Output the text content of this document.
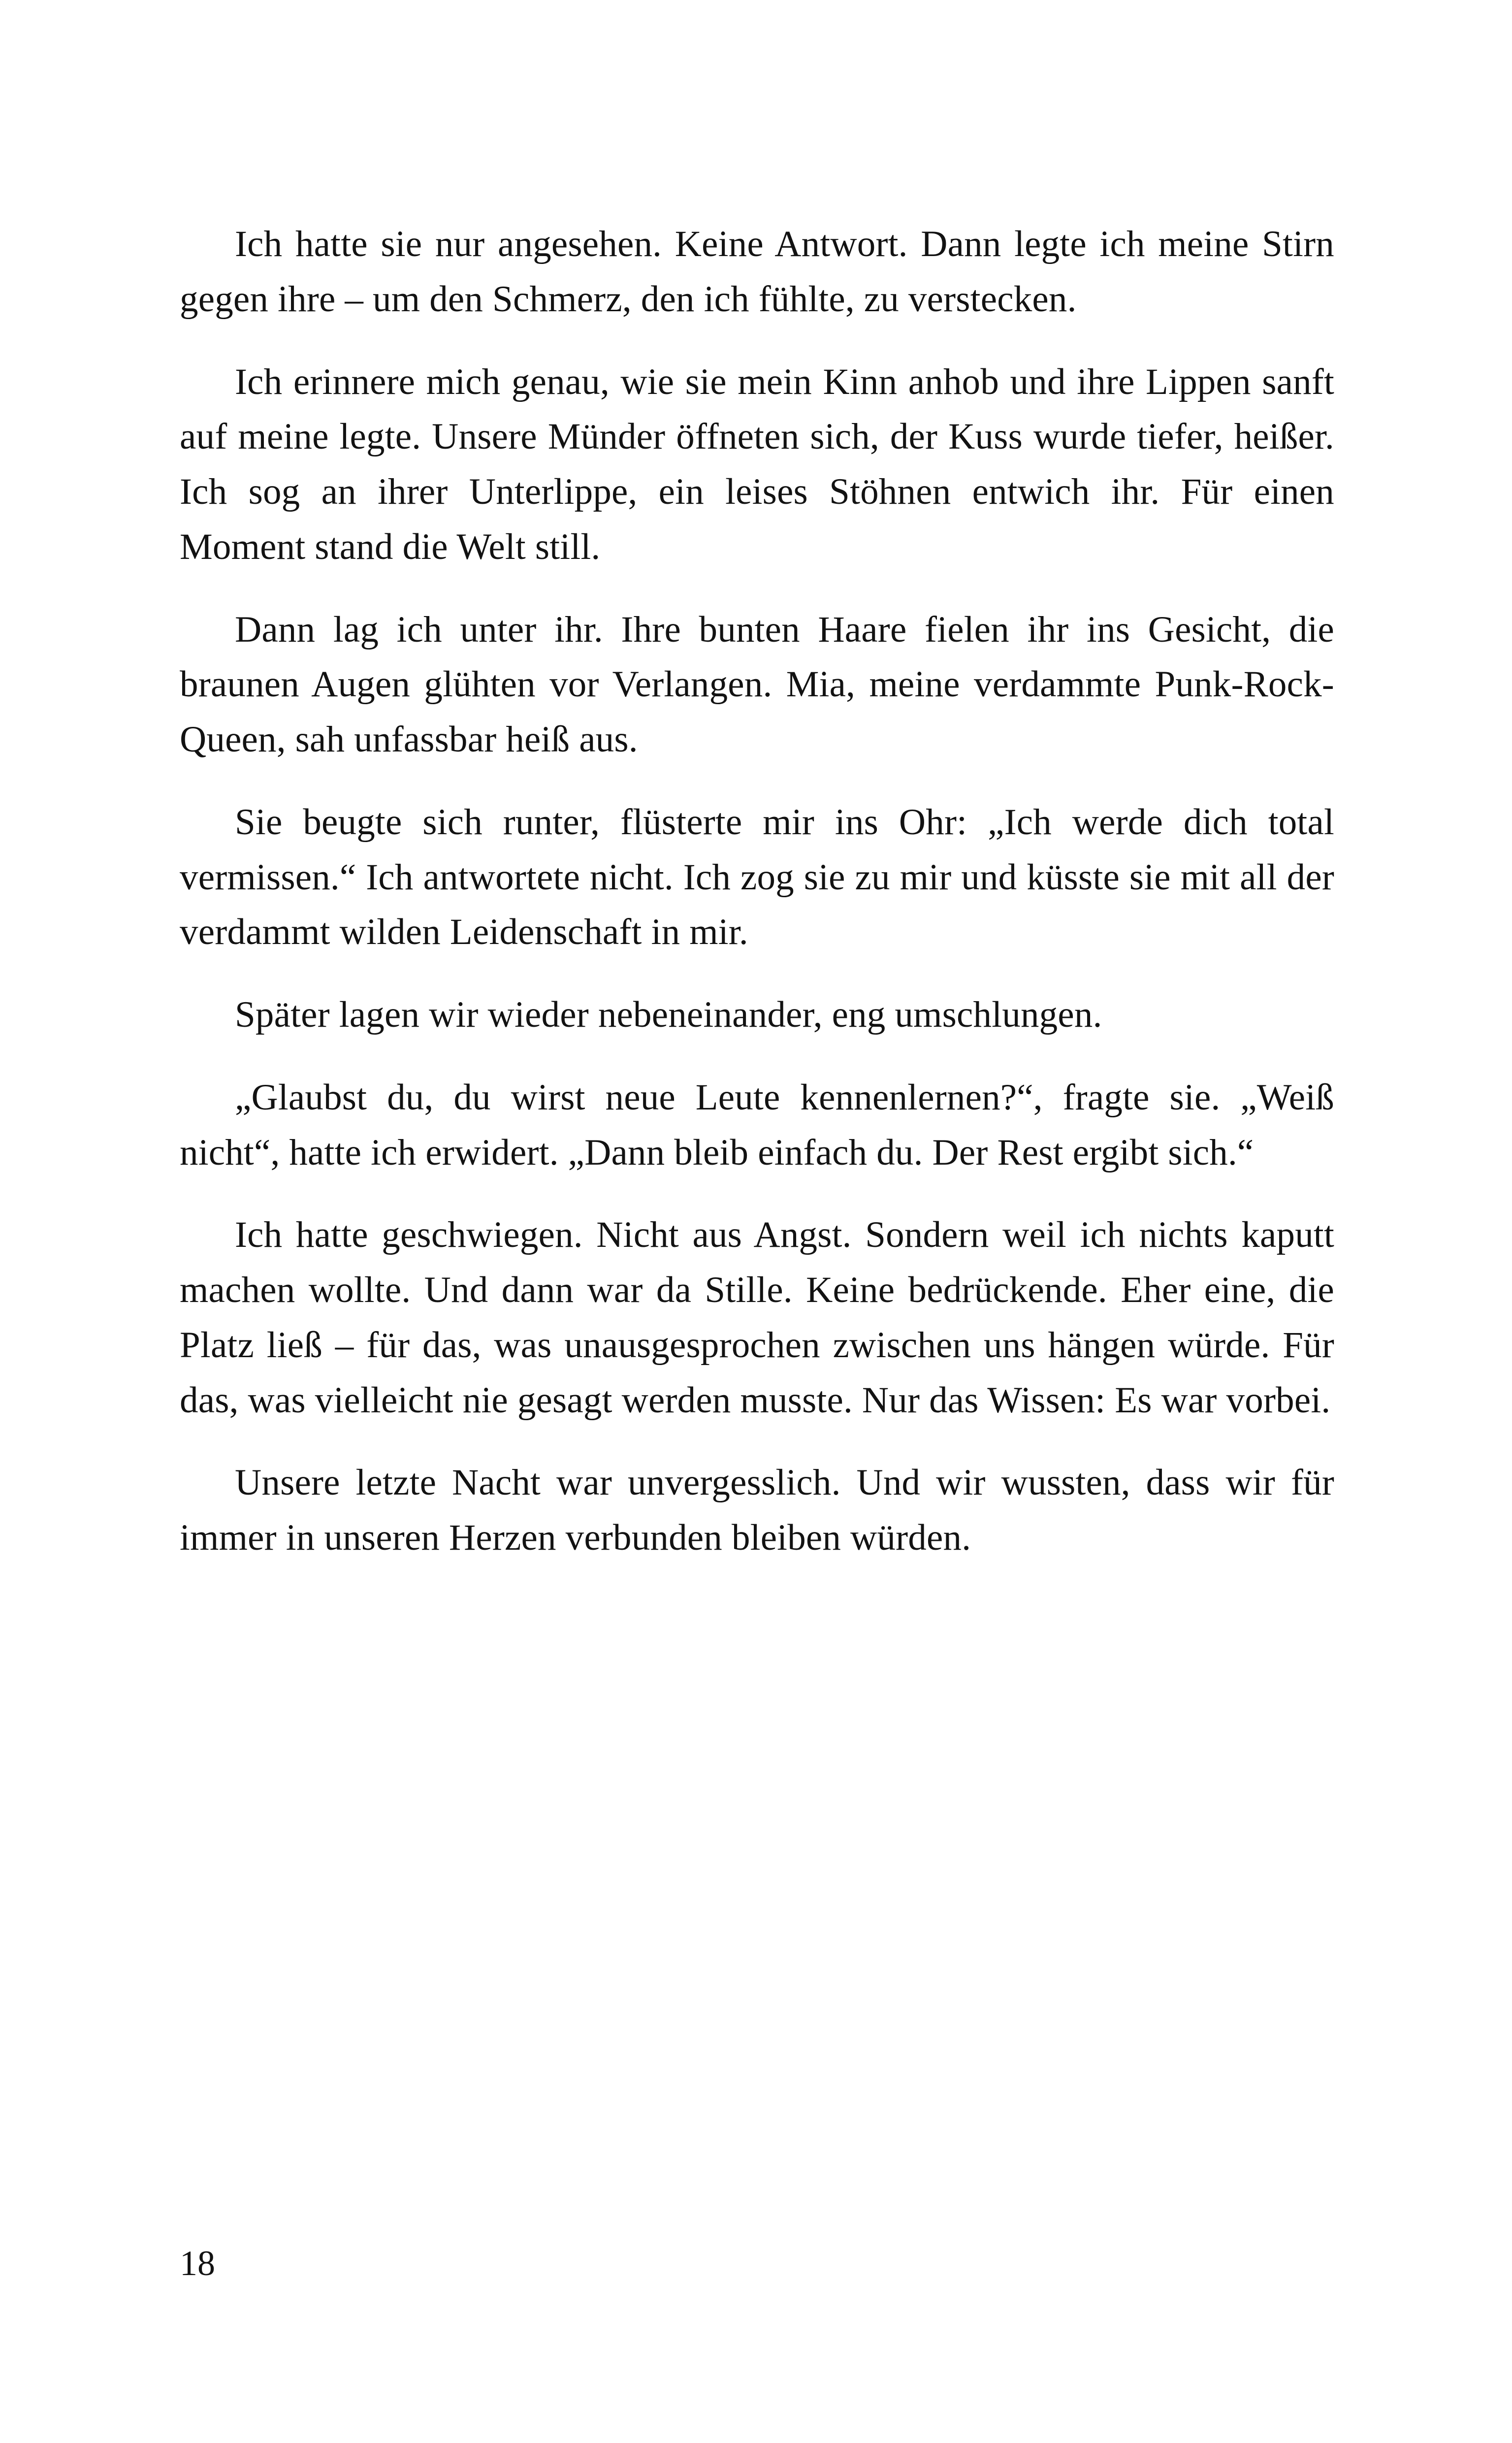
Ich hatte sie nur angesehen. Keine Antwort. Dann legte ich meine Stirn gegen ihre – um den Schmerz, den ich fühlte, zu verstecken.

Ich erinnere mich genau, wie sie mein Kinn anhob und ihre Lippen sanft auf meine legte. Unsere Münder öffneten sich, der Kuss wurde tiefer, heißer. Ich sog an ihrer Unterlippe, ein leises Stöhnen entwich ihr. Für einen Moment stand die Welt still.

Dann lag ich unter ihr. Ihre bunten Haare fielen ihr ins Gesicht, die braunen Augen glühten vor Verlangen. Mia, meine verdammte Punk-Rock-Queen, sah unfassbar heiß aus.

Sie beugte sich runter, flüsterte mir ins Ohr: „Ich werde dich total vermissen.“ Ich antwortete nicht. Ich zog sie zu mir und küsste sie mit all der verdammt wilden Leidenschaft in mir.

Später lagen wir wieder nebeneinander, eng umschlungen.

„Glaubst du, du wirst neue Leute kennenlernen?“, fragte sie. „Weiß nicht“, hatte ich erwidert. „Dann bleib einfach du. Der Rest ergibt sich.“

Ich hatte geschwiegen. Nicht aus Angst. Sondern weil ich nichts kaputt machen wollte. Und dann war da Stille. Keine bedrückende. Eher eine, die Platz ließ – für das, was unausgesprochen zwischen uns hängen würde. Für das, was vielleicht nie gesagt werden musste. Nur das Wissen: Es war vorbei.

Unsere letzte Nacht war unvergesslich. Und wir wussten, dass wir für immer in unseren Herzen verbunden bleiben würden.

18
